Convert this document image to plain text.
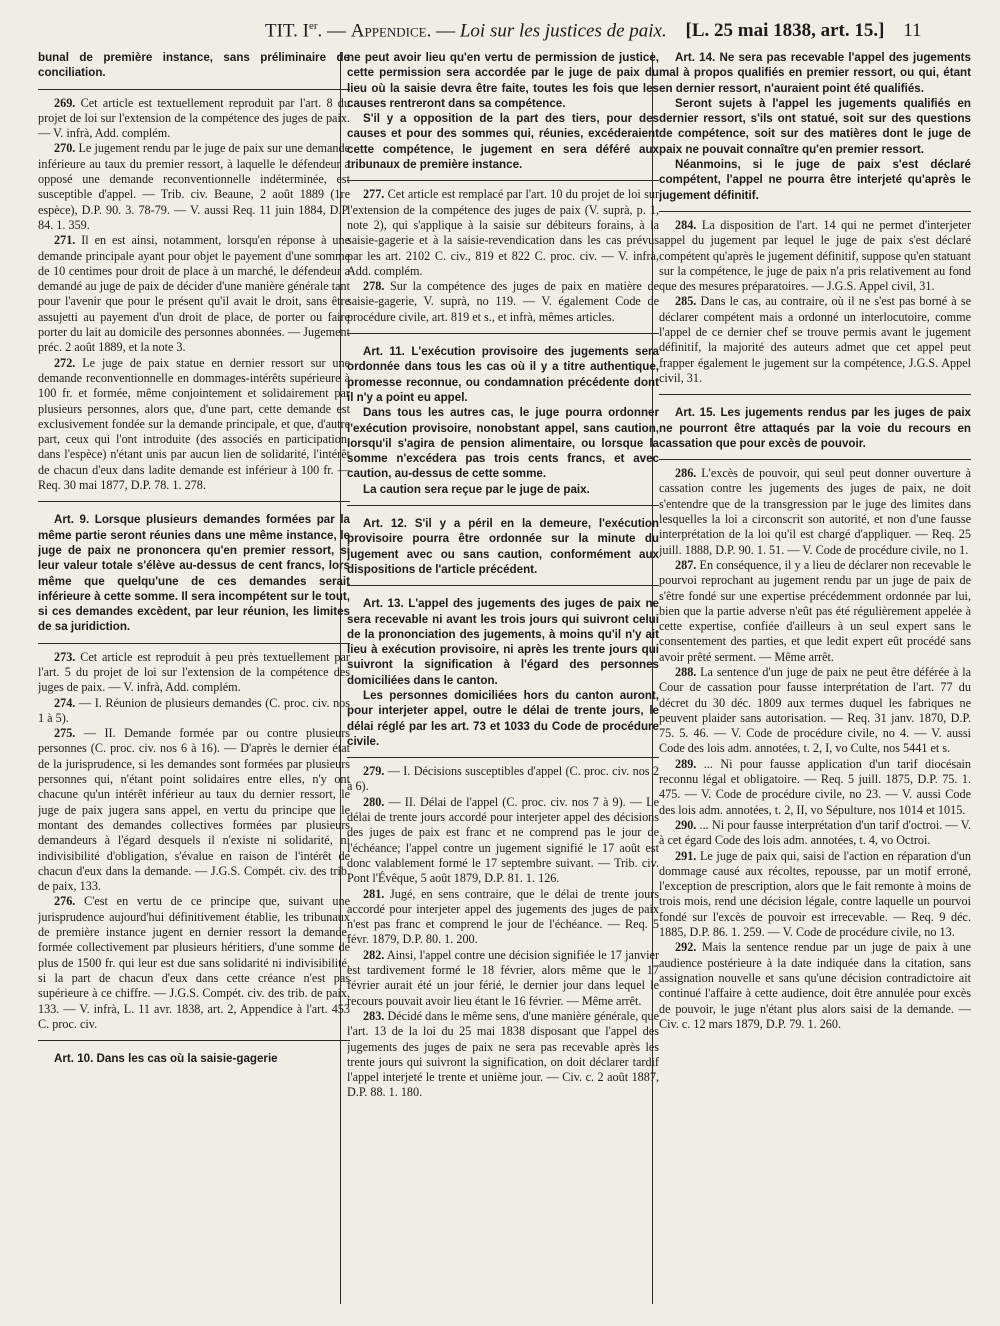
TIT. Ier. — Appendice. — Loi sur les justices de paix. [L. 25 mai 1838, art. 15.] 11

bunal de première instance, sans préliminaire de conciliation.

269. Cet article est textuellement reproduit par l'art. 8 du projet de loi sur l'extension de la compétence des juges de paix. — V. infrà, Add. complém.

270. Le jugement rendu par le juge de paix sur une demande inférieure au taux du premier ressort, à laquelle le défendeur a opposé une demande reconventionnelle indéterminée, est susceptible d'appel. — Trib. civ. Beaune, 2 août 1889 (1re espèce), D.P. 90. 3. 78-79. — V. aussi Req. 11 juin 1884, D.P. 84. 1. 359.

271. Il en est ainsi, notamment, lorsqu'en réponse à une demande principale ayant pour objet le payement d'une somme de 10 centimes pour droit de place à un marché, le défendeur a demandé au juge de paix de décider d'une manière générale tant pour l'avenir que pour le présent qu'il avait le droit, sans être assujetti au payement d'un droit de place, de porter ou faire porter du lait au domicile des personnes abonnées. — Jugement préc. 2 août 1889, et la note 3.

272. Le juge de paix statue en dernier ressort sur une demande reconventionnelle en dommages-intérêts supérieure à 100 fr. et formée, même conjointement et solidairement par plusieurs personnes, alors que, d'une part, cette demande est exclusivement fondée sur la demande principale, et que, d'autre part, ceux qui l'ont introduite (des associés en participation, dans l'espèce) n'étant unis par aucun lien de solidarité, l'intérêt de chacun d'eux dans ladite demande est inférieur à 100 fr. — Req. 30 mai 1877, D.P. 78. 1. 278.

Art. 9. Lorsque plusieurs demandes formées par la même partie seront réunies dans une même instance, le juge de paix ne prononcera qu'en premier ressort, si leur valeur totale s'élève au-dessus de cent francs, lors même que quelqu'une de ces demandes serait inférieure à cette somme. Il sera incompétent sur le tout, si ces demandes excèdent, par leur réunion, les limites de sa juridiction.

273. Cet article est reproduit à peu près textuellement par l'art. 5 du projet de loi sur l'extension de la compétence des juges de paix. — V. infrà, Add. complém.

274. — I. Réunion de plusieurs demandes (C. proc. civ. nos 1 à 5).

275. — II. Demande formée par ou contre plusieurs personnes (C. proc. civ. nos 6 à 16). — D'après le dernier état de la jurisprudence, si les demandes sont formées par plusieurs personnes qui, n'étant point solidaires entre elles, n'y ont chacune qu'un intérêt inférieur au taux du dernier ressort, le juge de paix jugera sans appel, en vertu du principe que le montant des demandes collectives formées par plusieurs demandeurs à l'égard desquels il n'existe ni solidarité, ni indivisibilité d'obligation, s'évalue en raison de l'intérêt de chacun d'eux dans la demande. — J.G.S. Compét. civ. des trib. de paix, 133.

276. C'est en vertu de ce principe que, suivant une jurisprudence aujourd'hui définitivement établie, les tribunaux de première instance jugent en dernier ressort la demande, formée collectivement par plusieurs héritiers, d'une somme de plus de 1500 fr. qui leur est due sans solidarité ni indivisibilité, si la part de chacun d'eux dans cette créance n'est pas supérieure à ce chiffre. — J.G.S. Compét. civ. des trib. de paix, 133. — V. infrà, L. 11 avr. 1838, art. 2, Appendice à l'art. 453 C. proc. civ.

Art. 10. Dans les cas où la saisie-gagerie

ne peut avoir lieu qu'en vertu de permission de justice, cette permission sera accordée par le juge de paix du lieu où la saisie devra être faite, toutes les fois que les causes rentreront dans sa compétence.

S'il y a opposition de la part des tiers, pour des causes et pour des sommes qui, réunies, excéderaient cette compétence, le jugement en sera déféré aux tribunaux de première instance.

277. Cet article est remplacé par l'art. 10 du projet de loi sur l'extension de la compétence des juges de paix (V. suprà, p. 1, note 2), qui s'applique à la saisie sur débiteurs forains, à la saisie-gagerie et à la saisie-revendication dans les cas prévus par les art. 2102 C. civ., 819 et 822 C. proc. civ. — V. infrà, Add. complém.

278. Sur la compétence des juges de paix en matière de saisie-gagerie, V. suprà, no 119. — V. également Code de procédure civile, art. 819 et s., et infrà, mêmes articles.

Art. 11. L'exécution provisoire des jugements sera ordonnée dans tous les cas où il y a titre authentique, promesse reconnue, ou condamnation précédente dont il n'y a point eu appel.

Dans tous les autres cas, le juge pourra ordonner l'exécution provisoire, nonobstant appel, sans caution, lorsqu'il s'agira de pension alimentaire, ou lorsque la somme n'excédera pas trois cents francs, et avec caution, au-dessus de cette somme.

La caution sera reçue par le juge de paix.

Art. 12. S'il y a péril en la demeure, l'exécution provisoire pourra être ordonnée sur la minute du jugement avec ou sans caution, conformément aux dispositions de l'article précédent.

Art. 13. L'appel des jugements des juges de paix ne sera recevable ni avant les trois jours qui suivront celui de la prononciation des jugements, à moins qu'il n'y ait lieu à exécution provisoire, ni après les trente jours qui suivront la signification à l'égard des personnes domiciliées dans le canton.

Les personnes domiciliées hors du canton auront, pour interjeter appel, outre le délai de trente jours, le délai réglé par les art. 73 et 1033 du Code de procédure civile.

279. — I. Décisions susceptibles d'appel (C. proc. civ. nos 2 à 6).

280. — II. Délai de l'appel (C. proc. civ. nos 7 à 9). — Le délai de trente jours accordé pour interjeter appel des décisions des juges de paix est franc et ne comprend pas le jour de l'échéance; l'appel contre un jugement signifié le 17 août est donc valablement formé le 17 septembre suivant. — Trib. civ. Pont l'Évêque, 5 août 1879, D.P. 81. 1. 126.

281. Jugé, en sens contraire, que le délai de trente jours accordé pour interjeter appel des jugements des juges de paix n'est pas franc et comprend le jour de l'échéance. — Req. 5 févr. 1879, D.P. 80. 1. 200.

282. Ainsi, l'appel contre une décision signifiée le 17 janvier est tardivement formé le 18 février, alors même que le 17 février aurait été un jour férié, le dernier jour dans lequel le recours pouvait avoir lieu étant le 16 février. — Même arrêt.

283. Décidé dans le même sens, d'une manière générale, que l'art. 13 de la loi du 25 mai 1838 disposant que l'appel des jugements des juges de paix ne sera pas recevable après les trente jours qui suivront la signification, on doit déclarer tardif l'appel interjeté le trente et unième jour. — Civ. c. 2 août 1887, D.P. 88. 1. 180.

Art. 14. Ne sera pas recevable l'appel des jugements mal à propos qualifiés en premier ressort, ou qui, étant en dernier ressort, n'auraient point été qualifiés.

Seront sujets à l'appel les jugements qualifiés en dernier ressort, s'ils ont statué, soit sur des questions de compétence, soit sur des matières dont le juge de paix ne pouvait connaître qu'en premier ressort.

Néanmoins, si le juge de paix s'est déclaré compétent, l'appel ne pourra être interjeté qu'après le jugement définitif.

284. La disposition de l'art. 14 qui ne permet d'interjeter appel du jugement par lequel le juge de paix s'est déclaré compétent qu'après le jugement définitif, suppose qu'en statuant sur la compétence, le juge de paix n'a pris relativement au fond que des mesures préparatoires. — J.G.S. Appel civil, 31.

285. Dans le cas, au contraire, où il ne s'est pas borné à se déclarer compétent mais a ordonné un interlocutoire, comme l'appel de ce dernier chef se trouve permis avant le jugement définitif, la majorité des auteurs admet que cet appel peut frapper également le jugement sur la compétence, J.G.S. Appel civil, 31.

Art. 15. Les jugements rendus par les juges de paix ne pourront être attaqués par la voie du recours en cassation que pour excès de pouvoir.

286. L'excès de pouvoir, qui seul peut donner ouverture à cassation contre les jugements des juges de paix, ne doit s'entendre que de la transgression par le juge des limites dans lesquelles la loi a circonscrit son autorité, et non d'une fausse interprétation de la loi qu'il est chargé d'appliquer. — Req. 25 juill. 1888, D.P. 90. 1. 51. — V. Code de procédure civile, no 1.

287. En conséquence, il y a lieu de déclarer non recevable le pourvoi reprochant au jugement rendu par un juge de paix de s'être fondé sur une expertise précédemment ordonnée par lui, bien que la partie adverse n'eût pas été régulièrement appelée à cette expertise, confiée d'ailleurs à un seul expert sans le consentement des parties, et que ledit expert eût procédé sans avoir prêté serment. — Même arrêt.

288. La sentence d'un juge de paix ne peut être déférée à la Cour de cassation pour fausse interprétation de l'art. 77 du décret du 30 déc. 1809 aux termes duquel les fabriques ne peuvent plaider sans autorisation. — Req. 31 janv. 1870, D.P. 75. 5. 46. — V. Code de procédure civile, no 4. — V. aussi Code des lois adm. annotées, t. 2, I, vo Culte, nos 5441 et s.

289. ... Ni pour fausse application d'un tarif diocésain reconnu légal et obligatoire. — Req. 5 juill. 1875, D.P. 75. 1. 475. — V. Code de procédure civile, no 23. — V. aussi Code des lois adm. annotées, t. 2, II, vo Sépulture, nos 1014 et 1015.

290. ... Ni pour fausse interprétation d'un tarif d'octroi. — V. à cet égard Code des lois adm. annotées, t. 4, vo Octroi.

291. Le juge de paix qui, saisi de l'action en réparation d'un dommage causé aux récoltes, repousse, par un motif erroné, l'exception de prescription, alors que le fait remonte à moins de trois mois, rend une décision légale, contre laquelle un pourvoi fondé sur l'excès de pouvoir est irrecevable. — Req. 9 déc. 1885, D.P. 86. 1. 259. — V. Code de procédure civile, no 13.

292. Mais la sentence rendue par un juge de paix à une audience postérieure à la date indiquée dans la citation, sans assignation nouvelle et sans qu'une décision contradictoire ait continué l'affaire à cette audience, doit être annulée pour excès de pouvoir, le juge n'étant plus alors saisi de la demande. — Civ. c. 12 mars 1879, D.P. 79. 1. 260.
